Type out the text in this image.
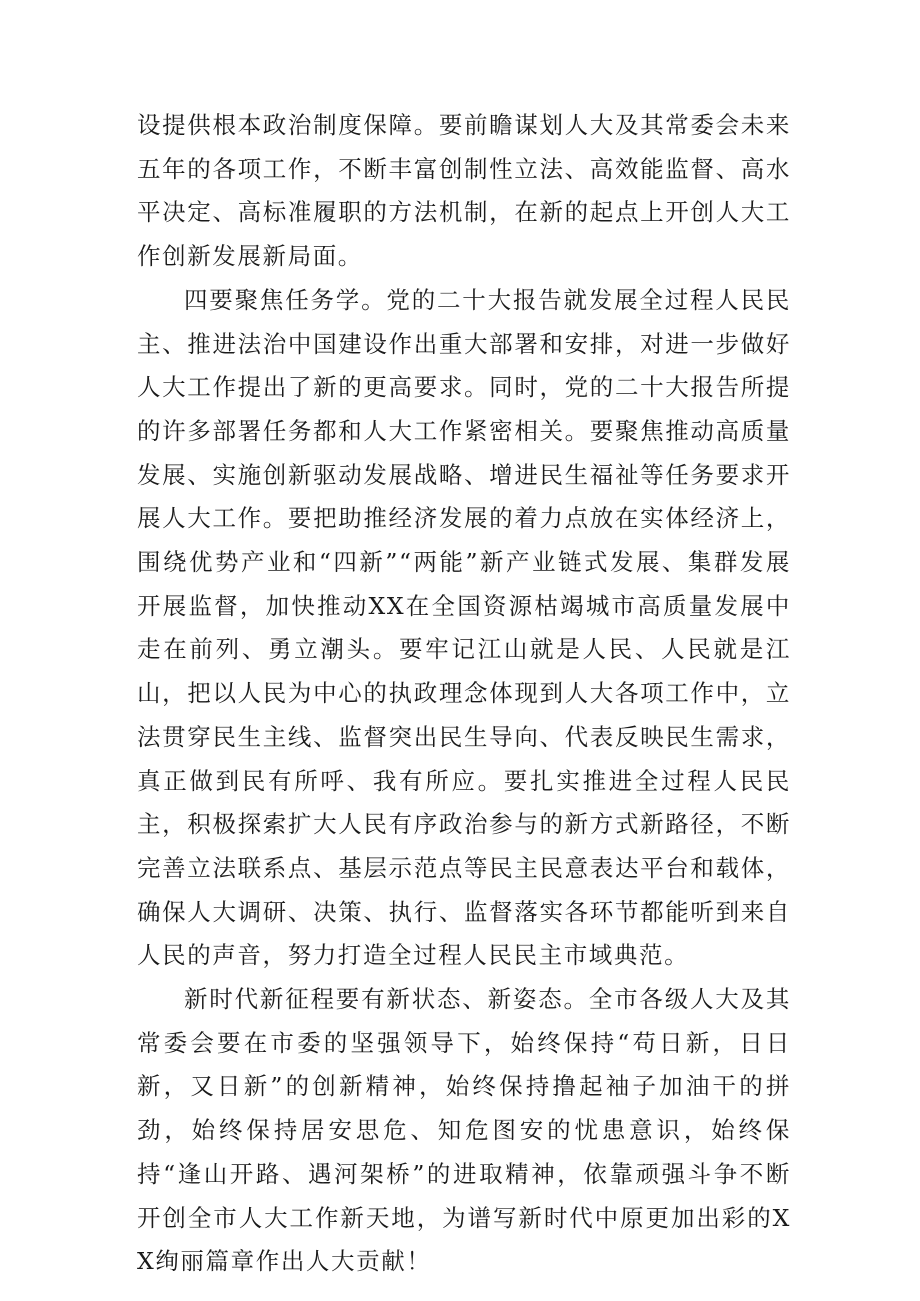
设提供根本政治制度保障。要前瞻谋划人大及其常委会未来五年的各项工作，不断丰富创制性立法、高效能监督、高水平决定、高标准履职的方法机制，在新的起点上开创人大工作创新发展新局面。

四要聚焦任务学。党的二十大报告就发展全过程人民民主、推进法治中国建设作出重大部署和安排，对进一步做好人大工作提出了新的更高要求。同时，党的二十大报告所提的许多部署任务都和人大工作紧密相关。要聚焦推动高质量发展、实施创新驱动发展战略、增进民生福祉等任务要求开展人大工作。要把助推经济发展的着力点放在实体经济上，围绕优势产业和“四新”“两能”新产业链式发展、集群发展开展监督，加快推动XX在全国资源枯竭城市高质量发展中走在前列、勇立潮头。要牢记江山就是人民、人民就是江山，把以人民为中心的执政理念体现到人大各项工作中，立法贯穿民生主线、监督突出民生导向、代表反映民生需求，真正做到民有所呼、我有所应。要扎实推进全过程人民民主，积极探索扩大人民有序政治参与的新方式新路径，不断完善立法联系点、基层示范点等民主民意表达平台和载体，确保人大调研、决策、执行、监督落实各环节都能听到来自人民的声音，努力打造全过程人民民主市域典范。

新时代新征程要有新状态、新姿态。全市各级人大及其常委会要在市委的坚强领导下，始终保持“苟日新，日日新，又日新”的创新精神，始终保持撸起袖子加油干的拼劲，始终保持居安思危、知危图安的忧患意识，始终保持“逢山开路、遇河架桥”的进取精神，依靠顽强斗争不断开创全市人大工作新天地，为谱写新时代中原更加出彩的XX绚丽篇章作出人大贡献！
